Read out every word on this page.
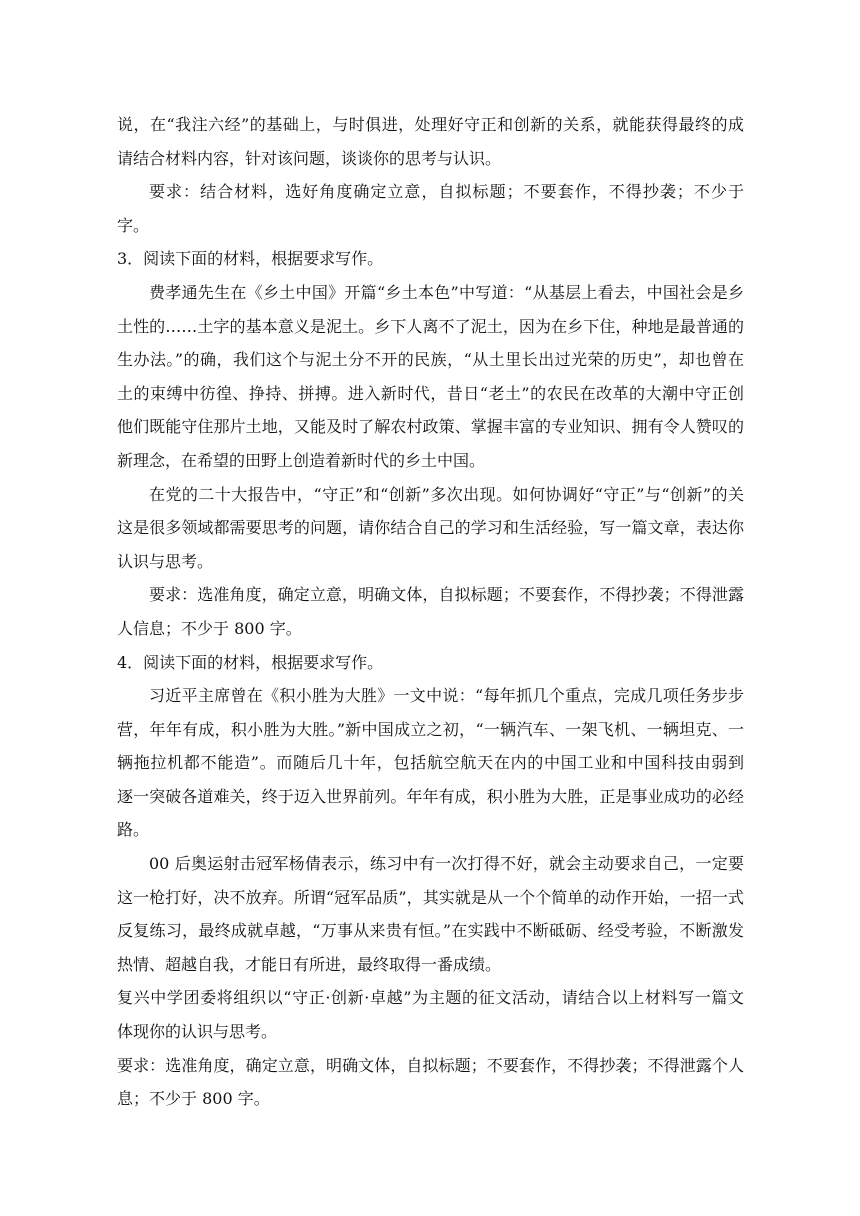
说，在“我注六经”的基础上，与时俱进，处理好守正和创新的关系，就能获得最终的成
请结合材料内容，针对该问题，谈谈你的思考与认识。
要求：结合材料，选好角度确定立意，自拟标题；不要套作，不得抄袭；不少于
字。
3．阅读下面的材料，根据要求写作。
费孝通先生在《乡土中国》开篇“乡土本色”中写道：“从基层上看去，中国社会是乡
土性的……土字的基本意义是泥土。乡下人离不了泥土，因为在乡下住，种地是最普通的
生办法。”的确，我们这个与泥土分不开的民族，“从土里长出过光荣的历史”，却也曾在
土的束缚中彷徨、挣持、拼搏。进入新时代，昔日“老土”的农民在改革的大潮中守正创
他们既能守住那片土地，又能及时了解农村政策、掌握丰富的专业知识、拥有令人赞叹的
新理念，在希望的田野上创造着新时代的乡土中国。
在党的二十大报告中，“守正”和“创新”多次出现。如何协调好“守正”与“创新”的关
这是很多领域都需要思考的问题，请你结合自己的学习和生活经验，写一篇文章，表达你
认识与思考。
要求：选准角度，确定立意，明确文体，自拟标题；不要套作，不得抄袭；不得泄露
人信息；不少于 800 字。
4．阅读下面的材料，根据要求写作。
习近平主席曾在《积小胜为大胜》一文中说：“每年抓几个重点，完成几项任务步步
营，年年有成，积小胜为大胜。”新中国成立之初，“一辆汽车、一架飞机、一辆坦克、一
辆拖拉机都不能造”。而随后几十年，包括航空航天在内的中国工业和中国科技由弱到
逐一突破各道难关，终于迈入世界前列。年年有成，积小胜为大胜，正是事业成功的必经
路。
00 后奥运射击冠军杨倩表示，练习中有一次打得不好，就会主动要求自己，一定要
这一枪打好，决不放弃。所谓“冠军品质”，其实就是从一个个简单的动作开始，一招一式
反复练习，最终成就卓越，“万事从来贵有恒。”在实践中不断砥砺、经受考验，不断激发
热情、超越自我，才能日有所进，最终取得一番成绩。
复兴中学团委将组织以“守正·创新·卓越”为主题的征文活动，请结合以上材料写一篇文
体现你的认识与思考。
要求：选准角度，确定立意，明确文体，自拟标题；不要套作，不得抄袭；不得泄露个人
息；不少于 800 字。
